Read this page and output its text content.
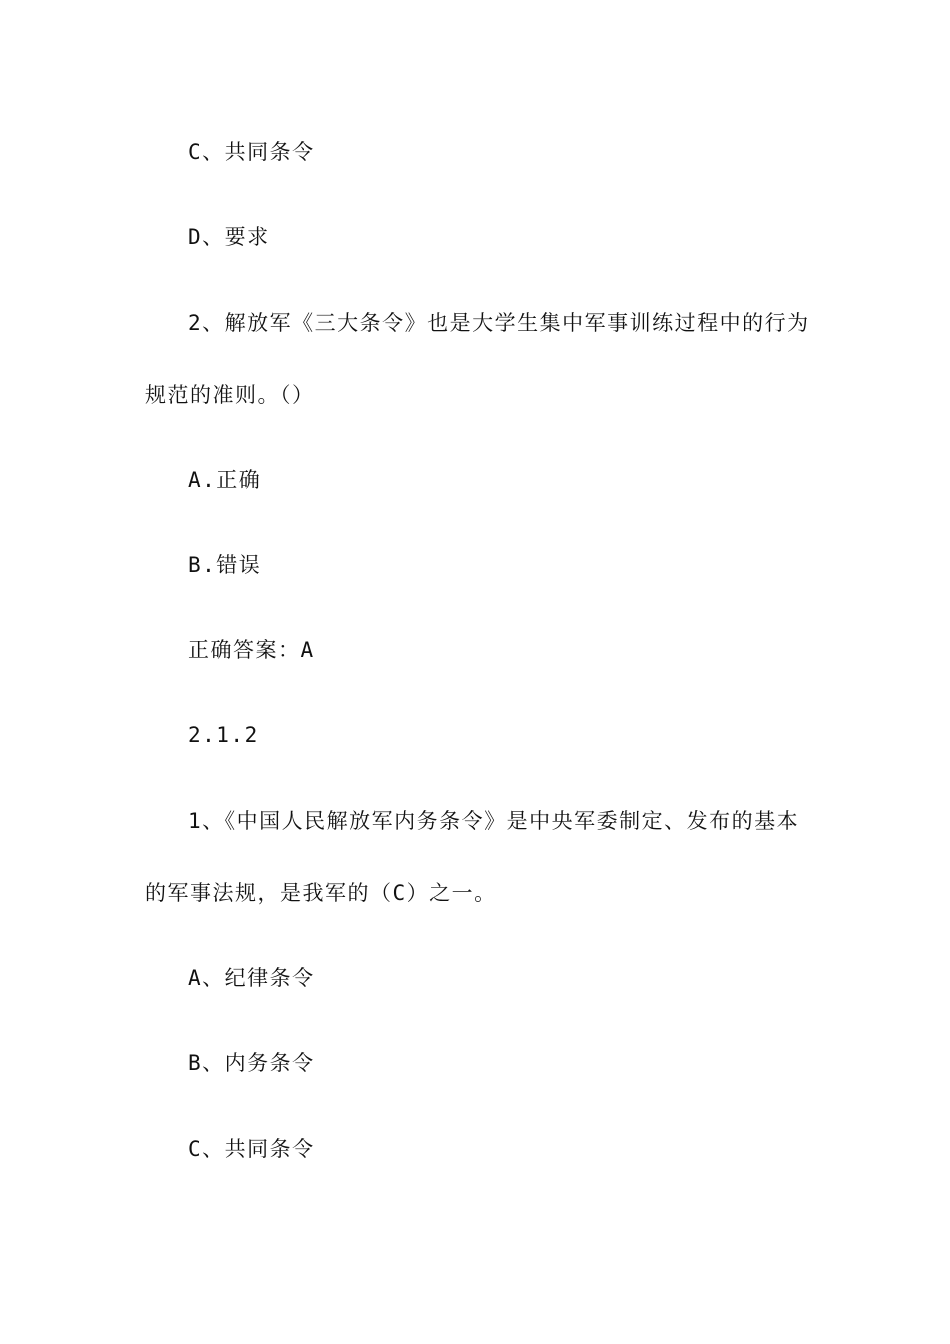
C、共同条令
D、要求
2、解放军《三大条令》也是大学生集中军事训练过程中的行为
规范的准则。（）
A.正确
B.错误
正确答案：A
2.1.2
1、《中国人民解放军内务条令》是中央军委制定、发布的基本
的军事法规，是我军的（C）之一。
A、纪律条令
B、内务条令
C、共同条令
